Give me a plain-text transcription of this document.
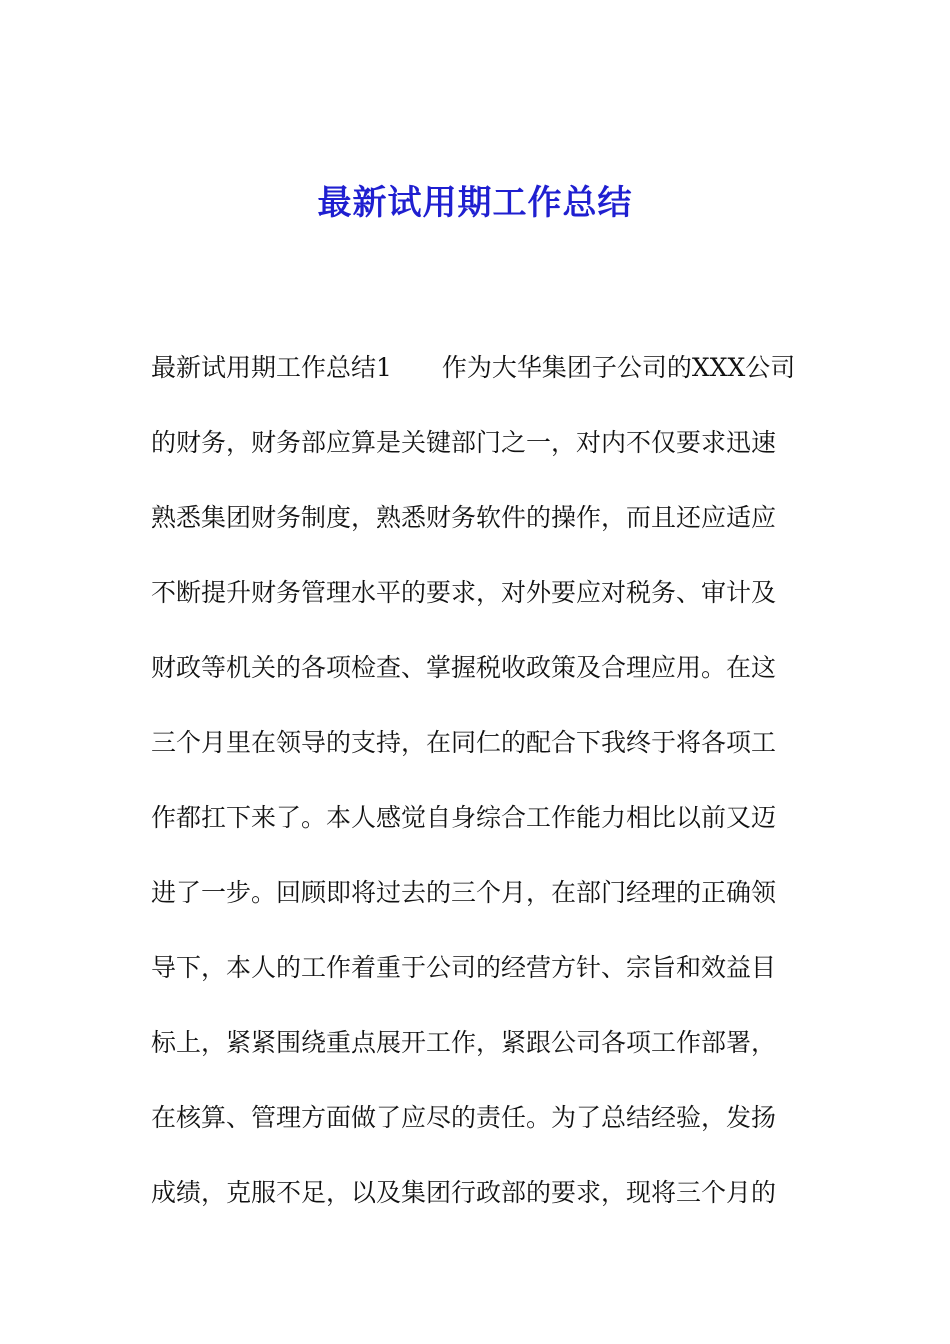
最新试用期工作总结
最新试用期工作总结1　　作为大华集团子公司的XXX公司
的财务，财务部应算是关键部门之一，对内不仅要求迅速
熟悉集团财务制度，熟悉财务软件的操作，而且还应适应
不断提升财务管理水平的要求，对外要应对税务、审计及
财政等机关的各项检查、掌握税收政策及合理应用。在这
三个月里在领导的支持，在同仁的配合下我终于将各项工
作都扛下来了。本人感觉自身综合工作能力相比以前又迈
进了一步。回顾即将过去的三个月，在部门经理的正确领
导下，本人的工作着重于公司的经营方针、宗旨和效益目
标上，紧紧围绕重点展开工作，紧跟公司各项工作部署，
在核算、管理方面做了应尽的责任。为了总结经验，发扬
成绩，克服不足，以及集团行政部的要求，现将三个月的
